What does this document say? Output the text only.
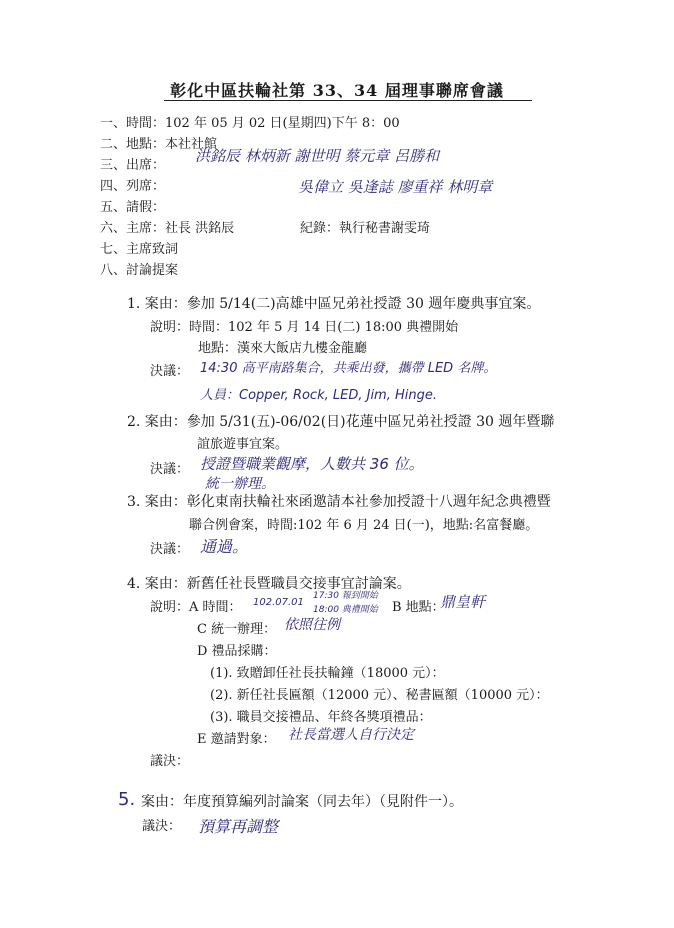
彰化中區扶輪社第 33、34 屆理事聯席會議
一、時間：102 年 05 月 02 日(星期四)下午 8：00
二、地點：本社社館
三、出席：
四、列席：
五、請假：
六、主席：社長 洪銘辰	紀錄：執行秘書謝雯琦
七、主席致詞
八、討論提案
洪銘辰 林炳新 謝世明 蔡元章 呂勝和
吳偉立 吳逢誌 廖重祥 林明章
1. 案由：參加 5/14(二)高雄中區兄弟社授證 30 週年慶典事宜案。
說明：時間：102 年 5 月 14 日(二) 18:00 典禮開始
地點：漢來大飯店九樓金龍廳
決議： 14:30 高平南路集合，共乘出發，攜帶 LED 名牌。
人員：Copper, Rock, LED, Jim, Hinge.
2. 案由：參加 5/31(五)-06/02(日)花蓮中區兄弟社授證 30 週年暨聯
誼旅遊事宜案。
決議： 授證暨職業觀摩，人數共 36 位。
統一辦理。
3. 案由：彰化東南扶輪社來函邀請本社參加授證十八週年紀念典禮暨
聯合例會案，時間:102 年 6 月 24 日(一)，地點:名富餐廳。
決議： 通過。
4. 案由：新舊任社長暨職員交接事宜討論案。
說明：A 時間： 102.07.01
17:30 報到開始
18:00 典禮開始 B 地點：
鼎皇軒
C 統一辦理： 依照往例
D 禮品採購：
(1). 致贈卸任社長扶輪鐘（18000 元）：
(2). 新任社長匾額（12000 元）、秘書匾額（10000 元）：
(3). 職員交接禮品、年終各獎項禮品：
E 邀請對象： 社長當選人自行決定
議決：
5. 案由：年度預算編列討論案（同去年）（見附件一）。
議決： 預算再調整
